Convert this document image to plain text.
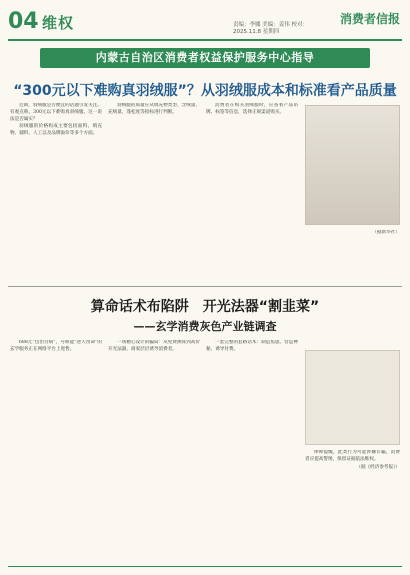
04 维权	责编：李娜 美编：姜伟 校对：
2025.11.8 星期四
消费者信报
内蒙古自治区消费者权益保护服务中心指导
“300元以下难购真羽绒服”？从羽绒服成本和标准看产品质量

近期，羽绒服是否便宜的话题引发关注。有观点称，300元以下难购真羽绒服，这一说法是否属实？

羽绒服的价格构成主要包括面料、填充物、辅料、人工以及品牌溢价等多个方面。

羽绒服的质量应从填充物类型、含绒量、充绒量、蓬松度等指标进行判断。

消费者在购买羽绒服时，应查看产品吊牌、标签等信息，选择正规渠道购买。

（据新华社）

算命话术布陷阱　开光法器“割韭菜”
——玄学消费灰色产业链调查

688元“包治百病”，号称能“逆天改命”的玄学服务正在网络平台上兜售。

一场精心设计的骗局：从免费测算到高价开光法器，商家层层诱导消费者。

一套完整的套路话术：制造焦虑、营造神秘、诱导付费。

律师提醒，此类行为可能涉嫌诈骗，消费者应提高警惕，保留证据依法维权。

（据《经济参考报》）
